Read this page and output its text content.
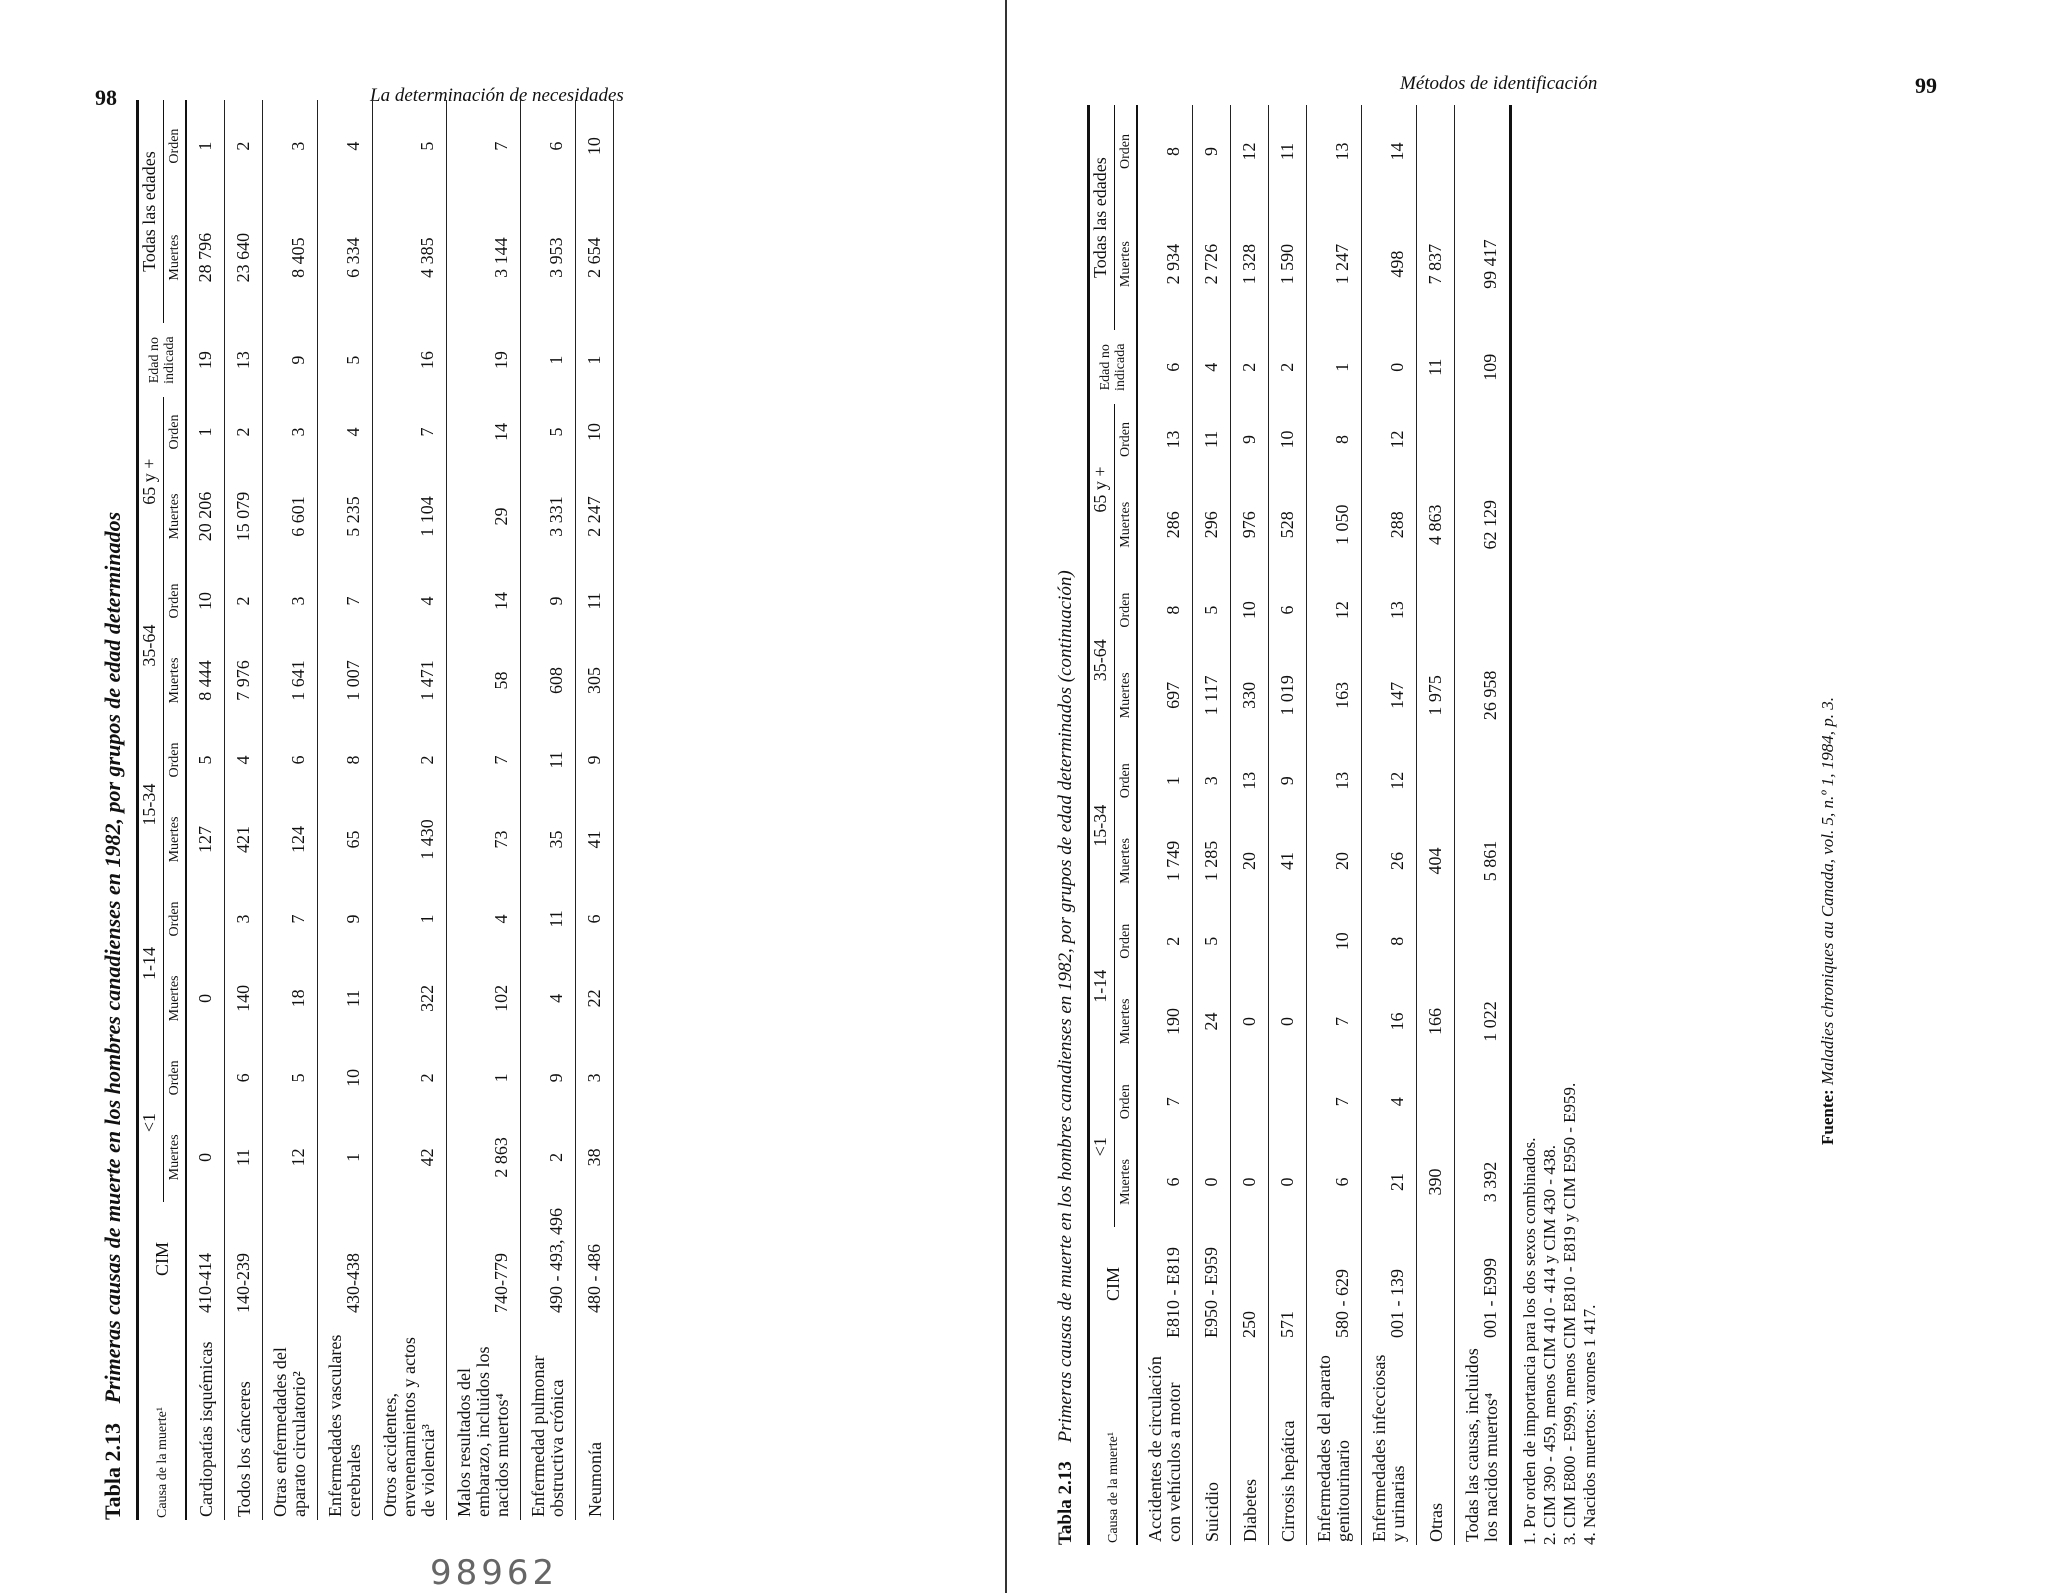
98	La determinación de necesidades
Métodos de identificación	99
Tabla 2.13 Primeras causas de muerte en los hombres canadienses en 1982, por grupos de edad determinados
Causa de la muerte¹	CIM	<1		1-14		15-34		35-64		65 y +		Edad no indicada	Todas las edades	
		Muertes	Orden	Muertes	Orden	Muertes	Orden	Muertes	Orden	Muertes	Orden		Muertes	Orden
Cardiopatías isquémicas	410-414	0		0		127	5	8 444	10	20 206	1	19	28 796	1
Todos los cánceres	140-239	11	6	140	3	421	4	7 976	2	15 079	2	13	23 640	2
Otras enfermedades del aparato circulatorio²		12	5	18	7	124	6	1 641	3	6 601	3	9	8 405	3
Enfermedades vasculares cerebrales	430-438	1	10	11	9	65	8	1 007	7	5 235	4	5	6 334	4
Otros accidentes, envenenamientos y actos de violencia³		42	2	322	1	1 430	2	1 471	4	1 104	7	16	4 385	5
Malos resultados del embarazo, incluidos los nacidos muertos⁴	740-779	2 863	1	102	4	73	7	58	14	29	14	19	3 144	7
Enfermedad pulmonar obstructiva crónica	490 - 493, 496	2	9	4	11	35	11	608	9	3 331	5	1	3 953	6
Neumonía	480 - 486	38	3	22	6	41	9	305	11	2 247	10	1	2 654	10
98962
Tabla 2.13 Primeras causas de muerte en los hombres canadienses en 1982, por grupos de edad determinados (continuación)
Causa de la muerte¹	CIM	<1		1-14		15-34		35-64		65 y +		Edad no indicada	Todas las edades	
		Muertes	Orden	Muertes	Orden	Muertes	Orden	Muertes	Orden	Muertes	Orden		Muertes	Orden
Accidentes de circulación con vehículos a motor	E810 - E819	6	7	190	2	1 749	1	697	8	286	13	6	2 934	8
Suicidio	E950 - E959	0		24	5	1 285	3	1 117	5	296	11	4	2 726	9
Diabetes	250	0		0		20	13	330	10	976	9	2	1 328	12
Cirrosis hepática	571	0		0		41	9	1 019	6	528	10	2	1 590	11
Enfermedades del aparato genitourinario	580 - 629	6	7	7	10	20	13	163	12	1 050	8	1	1 247	13
Enfermedades infecciosas y urinarias	001 - 139	21	4	16	8	26	12	147	13	288	12	0	498	14
Otras		390		166		404		1 975		4 863		11	7 837	
Todas las causas, incluidos los nacidos muertos⁴	001 - E999	3 392		1 022		5 861		26 958		62 129		109	99 417	
1. Por orden de importancia para los dos sexos combinados. 2. CIM 390 - 459, menos CIM 410 - 414 y CIM 430 - 438. 3. CIM E800 - E999, menos CIM E810 - E819 y CIM E950 - E959. 4. Nacidos muertos: varones 1 417.
Fuente: Maladies chroniques au Canada, vol. 5, n.º 1, 1984, p. 3.
